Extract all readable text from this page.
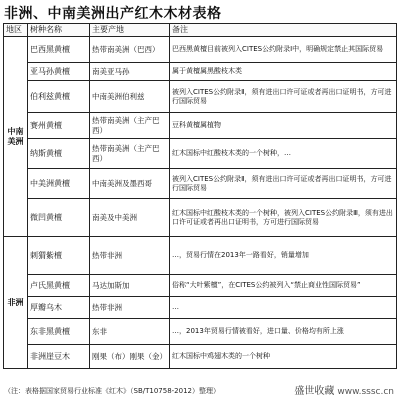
非洲、中南美洲出产红木木材表格
地区	树种名称	主要产地	备注
中南美洲	巴西黑黄檀	热带南美洲（巴西）	巴西黑黄檀目前被列入CITES公约附录Ⅰ中，明确规定禁止其国际贸易
	亚马孙黄檀	南美亚马孙	属于黄檀属黑酸枝木类
	伯利兹黄檀	中南美洲伯利兹	被列入CITES公约附录Ⅱ，须有进出口许可证或者再出口证明书，方可进行国际贸易
	赛州黄檀	热带南美洲（主产巴西）	豆科黄檀属植物
	纳斯黄檀	热带南美洲（主产巴西）	红木国标中红酸枝木类的一个树种，…
	中美洲黄檀	中南美洲及墨西哥	被列入CITES公约附录Ⅱ，须有进出口许可证或者再出口证明书，方可进行国际贸易
	微凹黄檀	南美及中美洲	红木国标中红酸枝木类的一个树种，被列入CITES公约附录Ⅲ，须有进出口许可证或者再出口证明书，方可进行国际贸易
非洲	刺猬紫檀	热带非洲	…，贸易行情在2013年一路看好，销量增加
	卢氏黑黄檀	马达加斯加	俗称“大叶紫檀”，在CITES公约被列入“禁止商业性国际贸易”
	厚瓣乌木	热带非洲	…
	东非黑黄檀	东非	…，2013年贸易行情被看好，进口量、价格均有所上涨
	非洲崖豆木	刚果（布）刚果（金）	红木国标中鸡翅木类的一个树种
（注：表格据国家贸易行业标准《红木》（SB/T10758-2012）整理）	盛世收藏 www.sssc.cn
